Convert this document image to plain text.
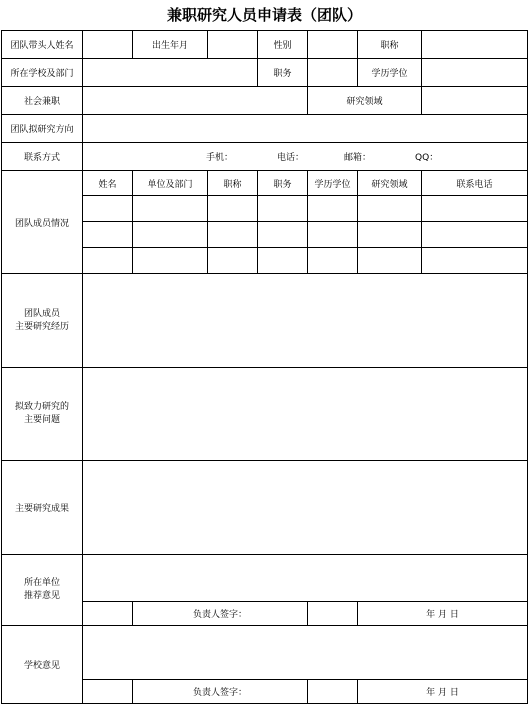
兼职研究人员申请表（团队）
团队带头人姓名		出生年月		性别		职称		
所在学校及部门				职务		学历学位		
社会兼职					研究领域			
团队拟研究方向								
联系方式	手机： 电话： 邮箱： QQ：							

团队成员情况	姓名	单位及部门	职称	职务	学历学位	研究领域	联系电话	

团队成员
主要研究经历								

拟致力研究的
主要问题								

主要研究成果								

所在单位
推荐意见								

		负责人签字：				年 月 日	
学校意见								
		负责人签字：				年 月 日	
